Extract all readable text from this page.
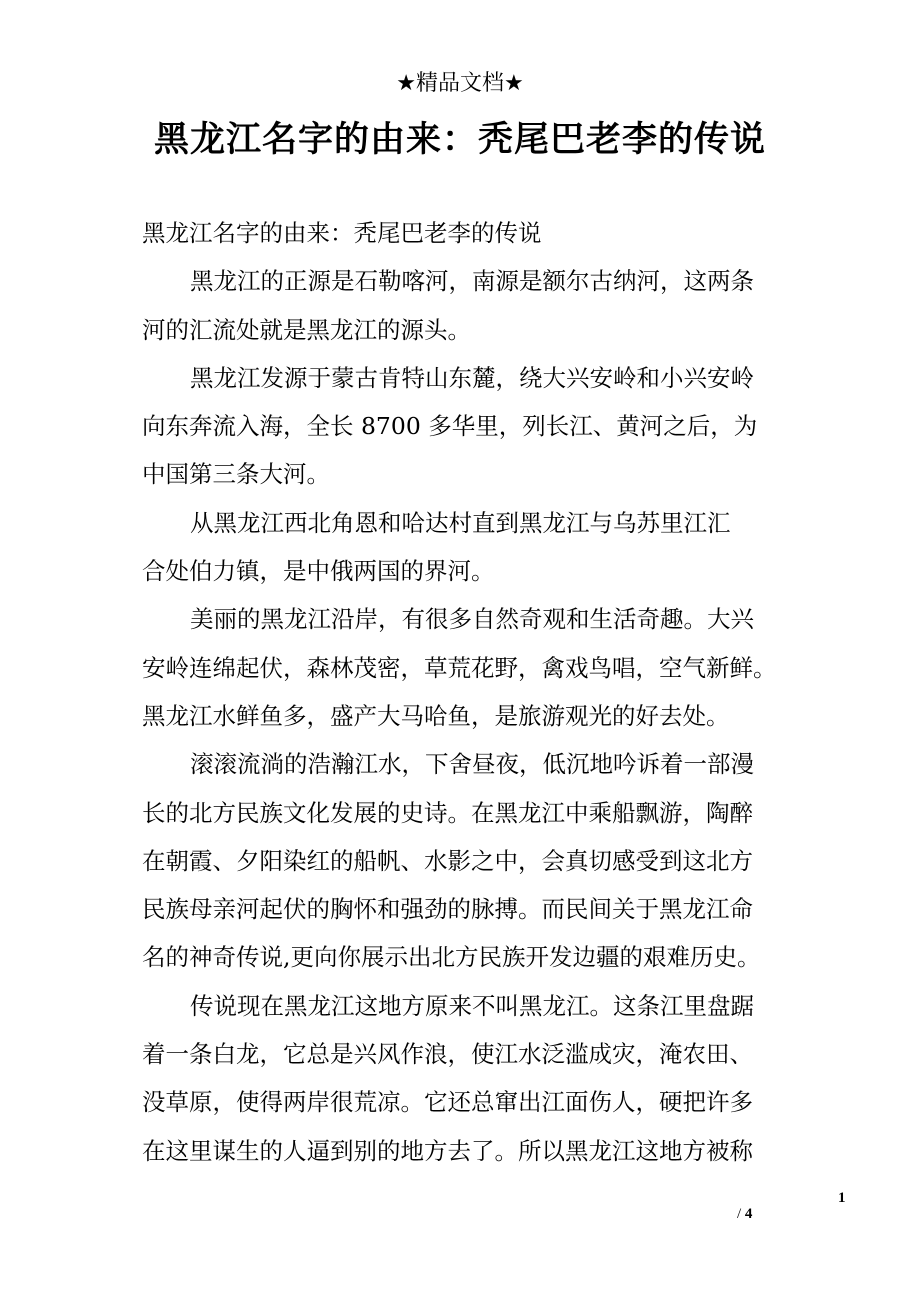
★精品文档★
黑龙江名字的由来：秃尾巴老李的传说
黑龙江名字的由来：秃尾巴老李的传说
黑龙江的正源是石勒喀河，南源是额尔古纳河，这两条
河的汇流处就是黑龙江的源头。
黑龙江发源于蒙古肯特山东麓，绕大兴安岭和小兴安岭
向东奔流入海，全长 8700 多华里，列长江、黄河之后，为
中国第三条大河。
从黑龙江西北角恩和哈达村直到黑龙江与乌苏里江汇
合处伯力镇，是中俄两国的界河。
美丽的黑龙江沿岸，有很多自然奇观和生活奇趣。大兴
安岭连绵起伏，森林茂密，草荒花野，禽戏鸟唱，空气新鲜。
黑龙江水鲜鱼多，盛产大马哈鱼，是旅游观光的好去处。
滚滚流淌的浩瀚江水，下舍昼夜，低沉地吟诉着一部漫
长的北方民族文化发展的史诗。在黑龙江中乘船飘游，陶醉
在朝霞、夕阳染红的船帆、水影之中，会真切感受到这北方
民族母亲河起伏的胸怀和强劲的脉搏。而民间关于黑龙江命
名的神奇传说,更向你展示出北方民族开发边疆的艰难历史。
传说现在黑龙江这地方原来不叫黑龙江。这条江里盘踞
着一条白龙，它总是兴风作浪，使江水泛滥成灾，淹农田、
没草原，使得两岸很荒凉。它还总窜出江面伤人，硬把许多
在这里谋生的人逼到别的地方去了。所以黑龙江这地方被称
1
/ 4
